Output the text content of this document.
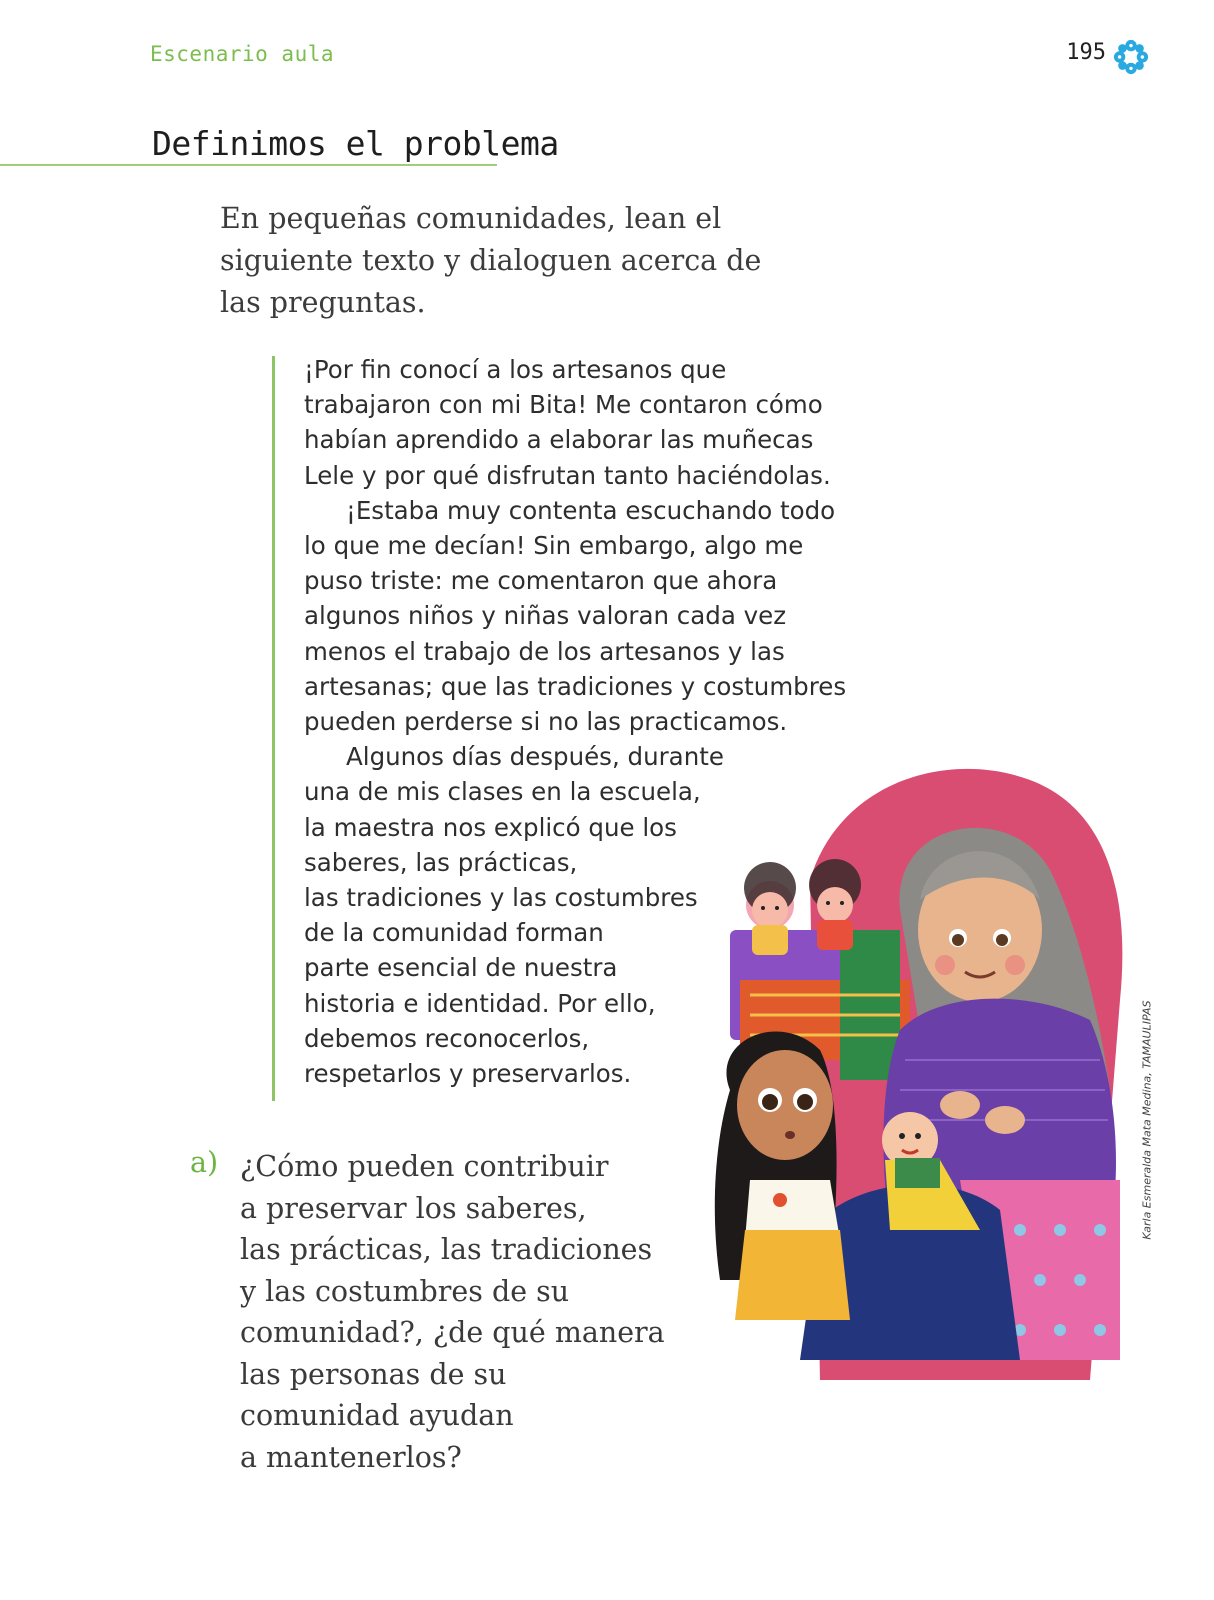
Escenario aula	195
Definimos el problema

En pequeñas comunidades, lean el siguiente texto y dialoguen acerca de las preguntas.

¡Por fin conocí a los artesanos que
trabajaron con mi Bita! Me contaron cómo
habían aprendido a elaborar las muñecas
Lele y por qué disfrutan tanto haciéndolas.

¡Estaba muy contenta escuchando todo
lo que me decían! Sin embargo, algo me
puso triste: me comentaron que ahora
algunos niños y niñas valoran cada vez
menos el trabajo de los artesanos y las
artesanas; que las tradiciones y costumbres
pueden perderse si no las practicamos.

Algunos días después, durante
una de mis clases en la escuela,
la maestra nos explicó que los
saberes, las prácticas,
las tradiciones y las costumbres
de la comunidad forman
parte esencial de nuestra
historia e identidad. Por ello,
debemos reconocerlos,
respetarlos y preservarlos.	Karla Esmeralda Mata Medina, TAMAULIPAS
a) ¿Cómo pueden contribuir
a preservar los saberes,
las prácticas, las tradiciones
y las costumbres de su
comunidad?, ¿de qué manera
las personas de su
comunidad ayudan
a mantenerlos?
